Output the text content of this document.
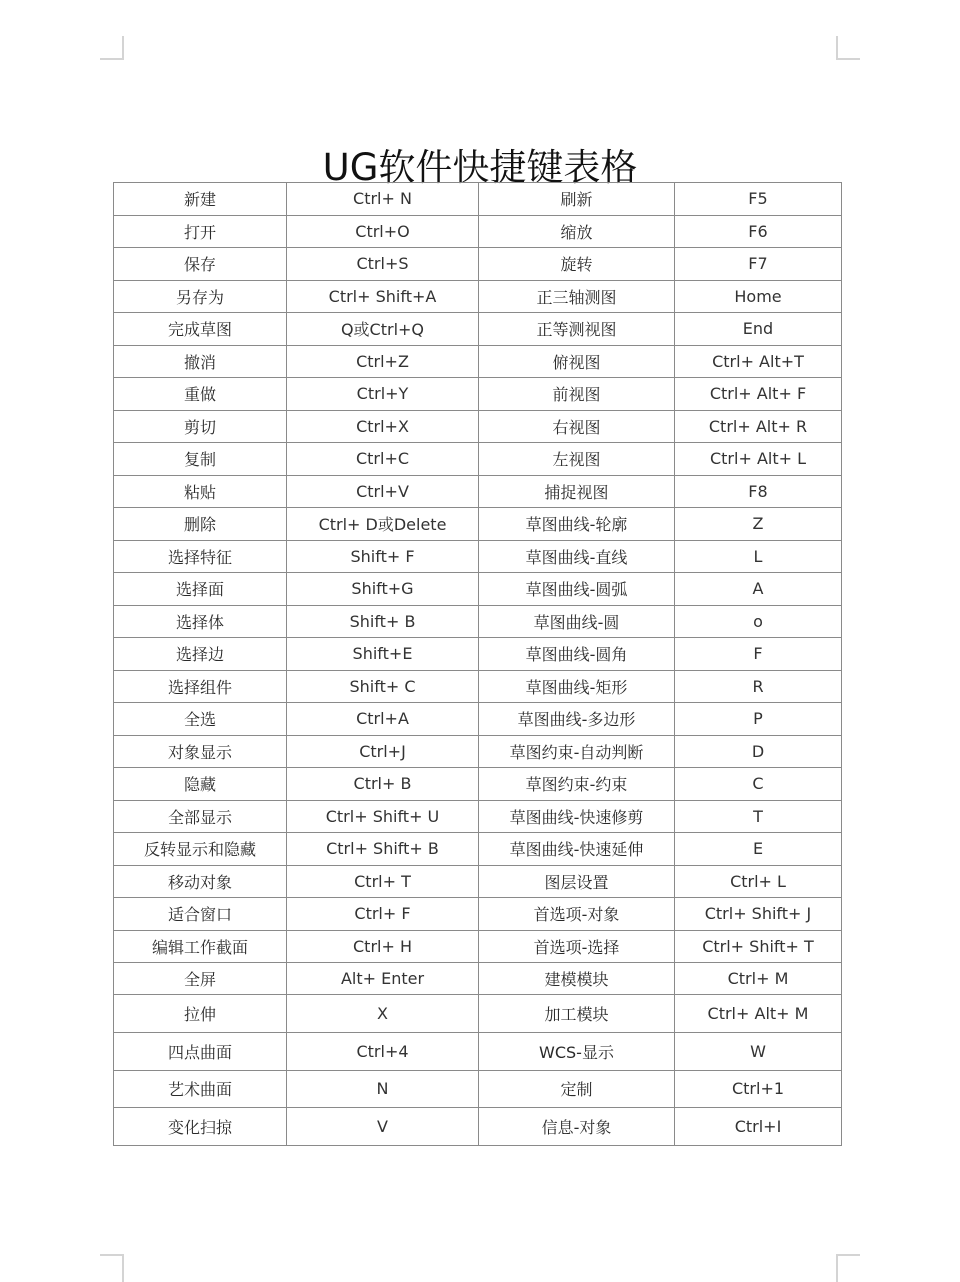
UG软件快捷键表格
新建	Ctrl+ N	刷新	F5
打开	Ctrl+O	缩放	F6
保存	Ctrl+S	旋转	F7
另存为	Ctrl+ Shift+A	正三轴测图	Home
完成草图	Q或Ctrl+Q	正等测视图	End
撤消	Ctrl+Z	俯视图	Ctrl+ Alt+T
重做	Ctrl+Y	前视图	Ctrl+ Alt+ F
剪切	Ctrl+X	右视图	Ctrl+ Alt+ R
复制	Ctrl+C	左视图	Ctrl+ Alt+ L
粘贴	Ctrl+V	捕捉视图	F8
删除	Ctrl+ D或Delete	草图曲线-轮廓	Z
选择特征	Shift+ F	草图曲线-直线	L
选择面	Shift+G	草图曲线-圆弧	A
选择体	Shift+ B	草图曲线-圆	o
选择边	Shift+E	草图曲线-圆角	F
选择组件	Shift+ C	草图曲线-矩形	R
全选	Ctrl+A	草图曲线-多边形	P
对象显示	Ctrl+J	草图约束-自动判断	D
隐藏	Ctrl+ B	草图约束-约束	C
全部显示	Ctrl+ Shift+ U	草图曲线-快速修剪	T
反转显示和隐藏	Ctrl+ Shift+ B	草图曲线-快速延伸	E
移动对象	Ctrl+ T	图层设置	Ctrl+ L
适合窗口	Ctrl+ F	首选项-对象	Ctrl+ Shift+ J
编辑工作截面	Ctrl+ H	首选项-选择	Ctrl+ Shift+ T
全屏	Alt+ Enter	建模模块	Ctrl+ M
拉伸	X	加工模块	Ctrl+ Alt+ M
四点曲面	Ctrl+4	WCS-显示	W
艺术曲面	N	定制	Ctrl+1
变化扫掠	V	信息-对象	Ctrl+I
